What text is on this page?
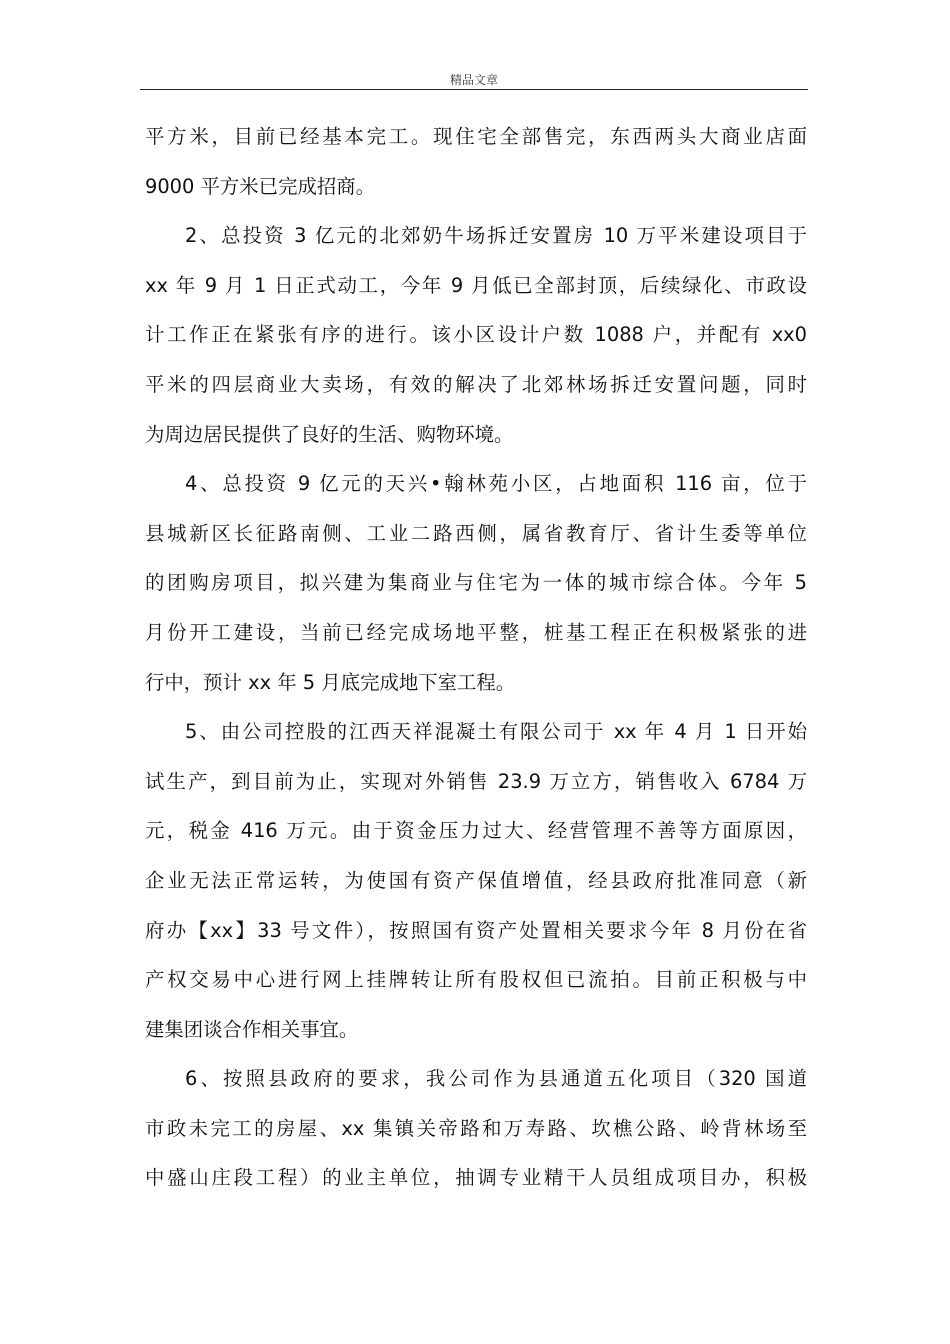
精品文章
平方米，目前已经基本完工。现住宅全部售完，东西两头大商业店面
9000 平方米已完成招商。
2、总投资 3 亿元的北郊奶牛场拆迁安置房 10 万平米建设项目于
xx 年 9 月 1 日正式动工，今年 9 月低已全部封顶，后续绿化、市政设
计工作正在紧张有序的进行。该小区设计户数 1088 户，并配有 xx0
平米的四层商业大卖场，有效的解决了北郊林场拆迁安置问题，同时
为周边居民提供了良好的生活、购物环境。
4、总投资 9 亿元的天兴•翰林苑小区，占地面积 116 亩，位于
县城新区长征路南侧、工业二路西侧，属省教育厅、省计生委等单位
的团购房项目，拟兴建为集商业与住宅为一体的城市综合体。今年 5
月份开工建设，当前已经完成场地平整，桩基工程正在积极紧张的进
行中，预计 xx 年 5 月底完成地下室工程。
5、由公司控股的江西天祥混凝土有限公司于 xx 年 4 月 1 日开始
试生产，到目前为止，实现对外销售 23.9 万立方，销售收入 6784 万
元，税金 416 万元。由于资金压力过大、经营管理不善等方面原因，
企业无法正常运转，为使国有资产保值增值，经县政府批准同意（新
府办【xx】33 号文件），按照国有资产处置相关要求今年 8 月份在省
产权交易中心进行网上挂牌转让所有股权但已流拍。目前正积极与中
建集团谈合作相关事宜。
6、按照县政府的要求，我公司作为县通道五化项目（320 国道
市政未完工的房屋、xx 集镇关帝路和万寿路、坎樵公路、岭背林场至
中盛山庄段工程）的业主单位，抽调专业精干人员组成项目办，积极
